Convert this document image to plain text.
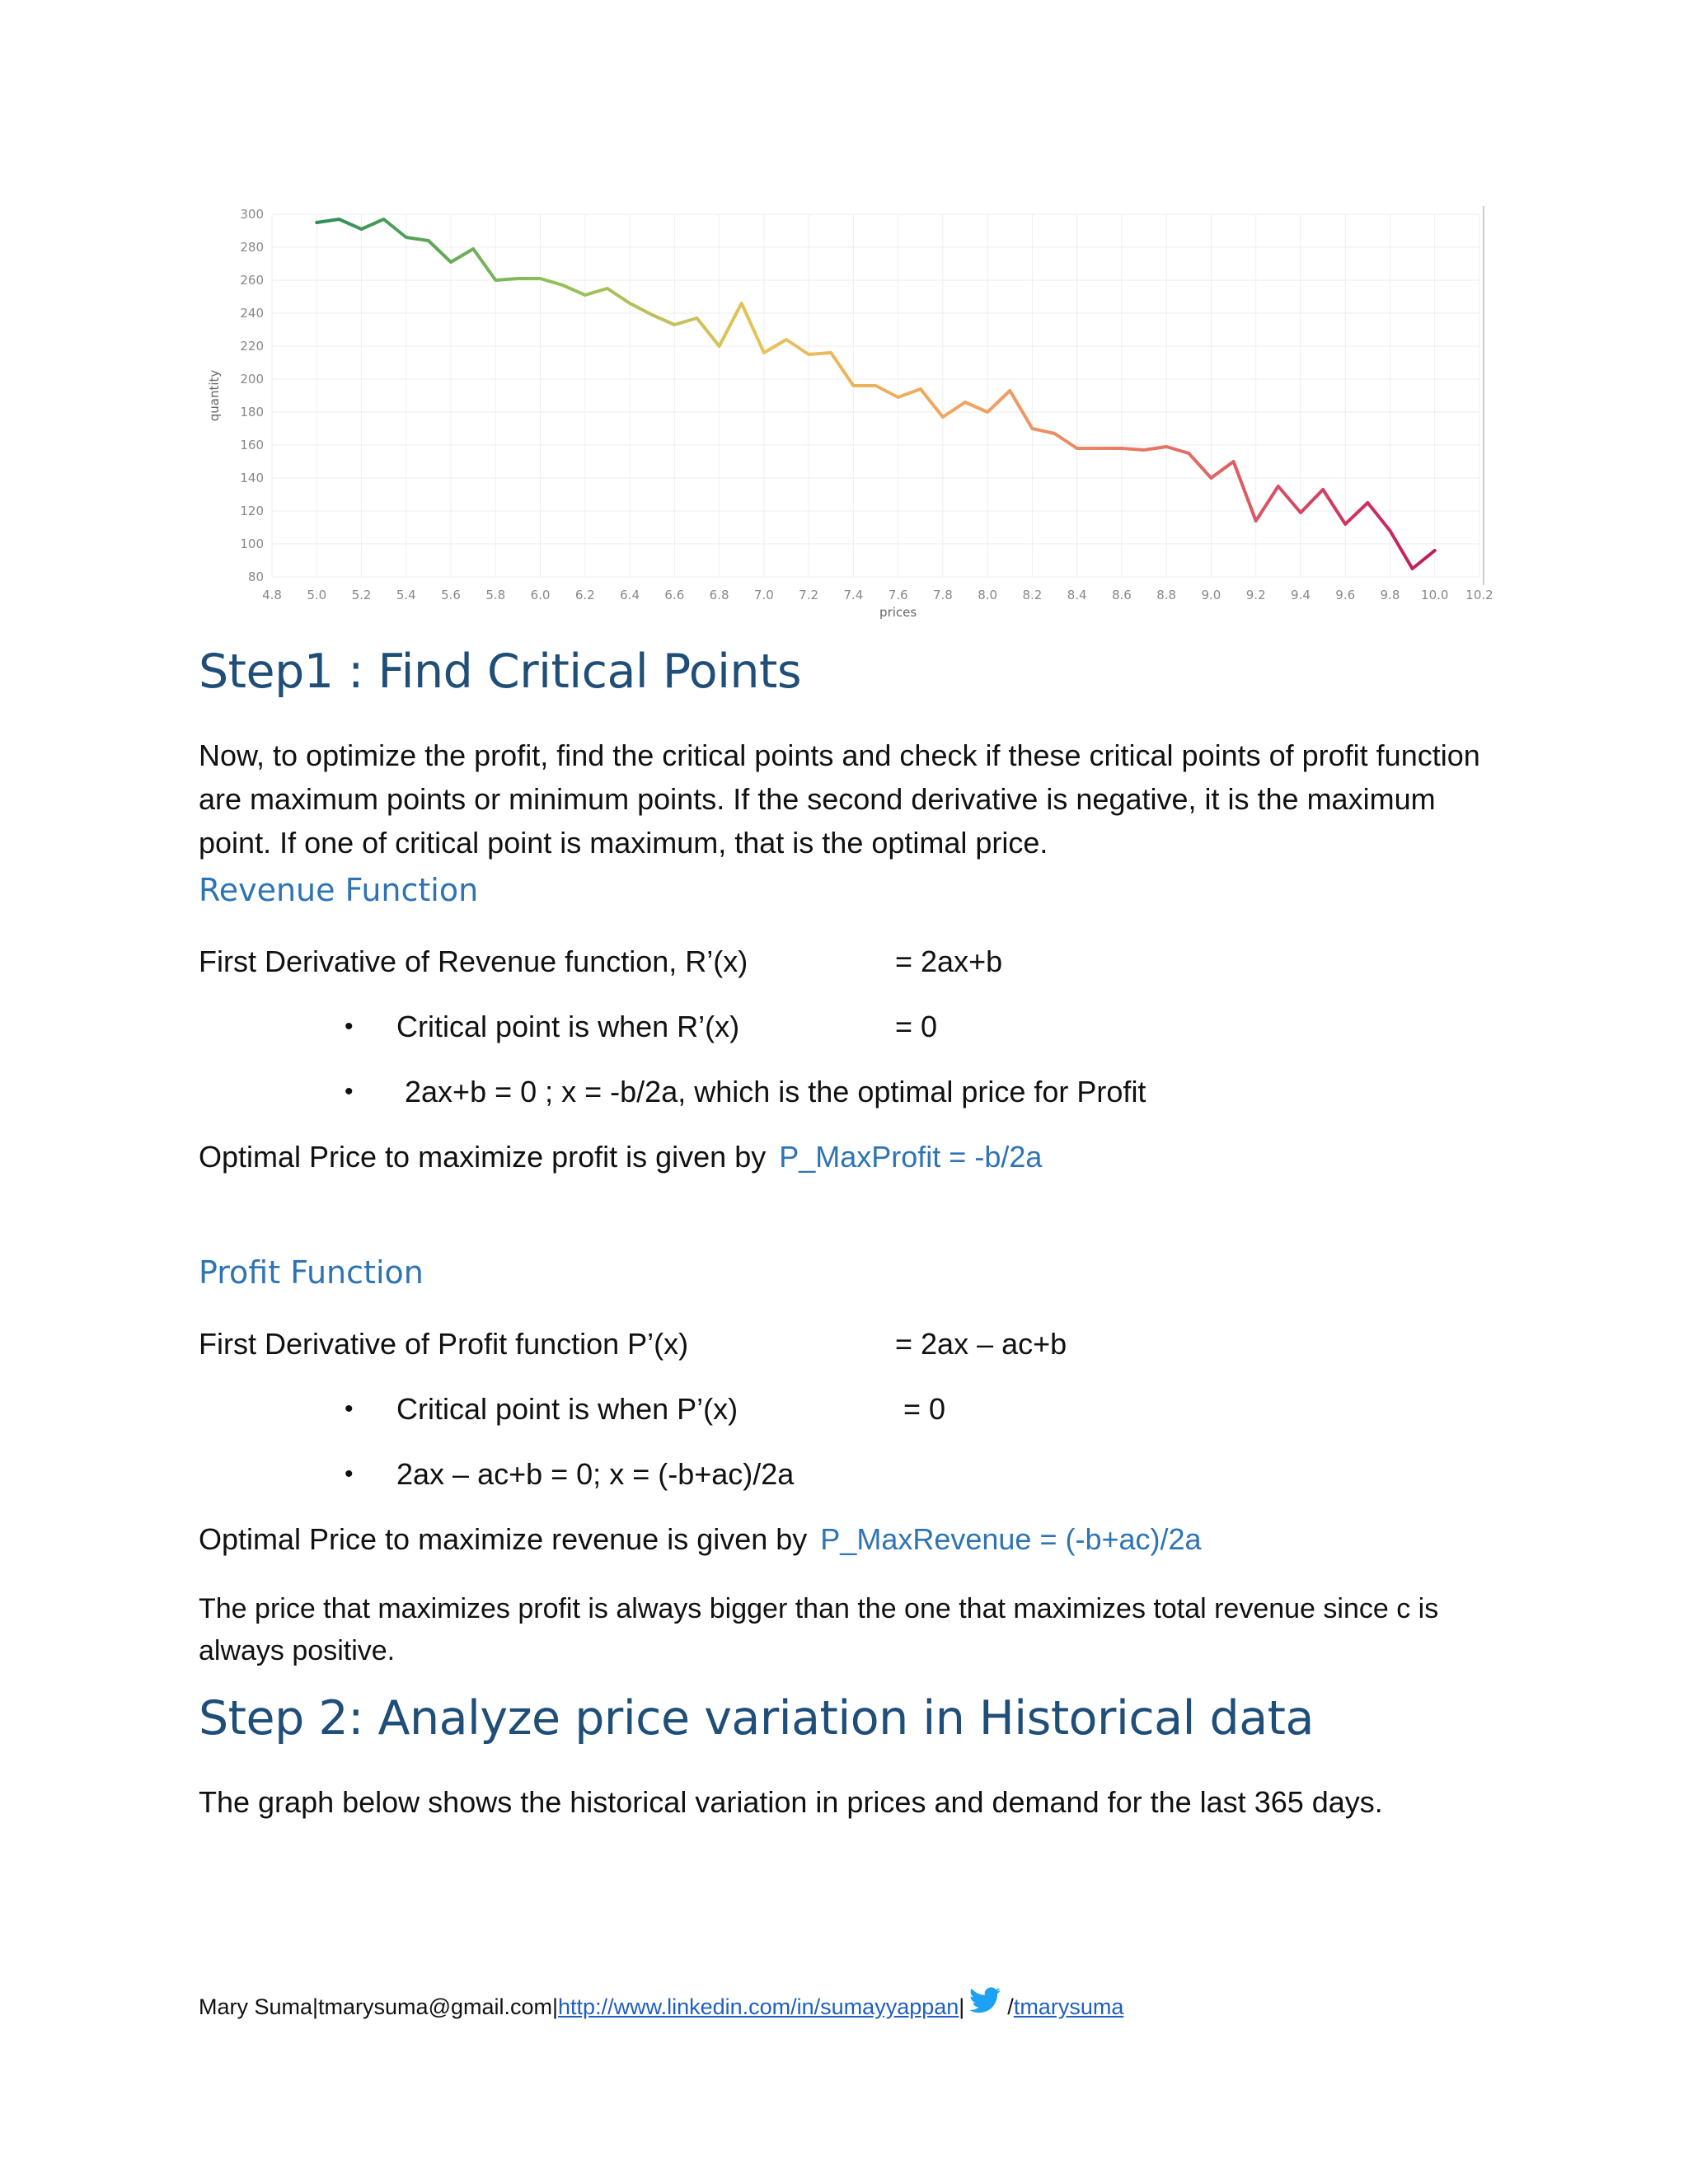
4.8 5.0 5.2 5.4 5.6 5.8 6.0 6.2 6.4 6.6 6.8 7.0 7.2 7.4 7.6 7.8 8.0 8.2 8.4 8.6 8.8 9.0 9.2 9.4 9.6 9.8 10.0 10.2
80
100
120
140
160
180
200
220
240
260
280
300
prices
quantity
Step1 : Find Critical Points

Now, to optimize the profit, find the critical points and check if these critical points of profit function are maximum points or minimum points. If the second derivative is negative, it is the maximum point. If one of critical point is maximum, that is the optimal price.

Revenue Function

First Derivative of Revenue function, R’(x)	= 2ax+b

• Critical point is when R’(x)	= 0

• 2ax+b = 0 ; x = -b/2a, which is the optimal price for Profit

Optimal Price to maximize profit is given by P_MaxProfit = -b/2a

Profit Function

First Derivative of Profit function P’(x)	= 2ax – ac+b

• Critical point is when P’(x)	= 0

• 2ax – ac+b = 0; x = (-b+ac)/2a

Optimal Price to maximize revenue is given by P_MaxRevenue = (-b+ac)/2a

The price that maximizes profit is always bigger than the one that maximizes total revenue since c is always positive.

Step 2: Analyze price variation in Historical data

The graph below shows the historical variation in prices and demand for the last 365 days.

Mary Suma|tmarysuma@gmail.com| http://www.linkedin.com/in/sumayyappan | / tmarysuma
